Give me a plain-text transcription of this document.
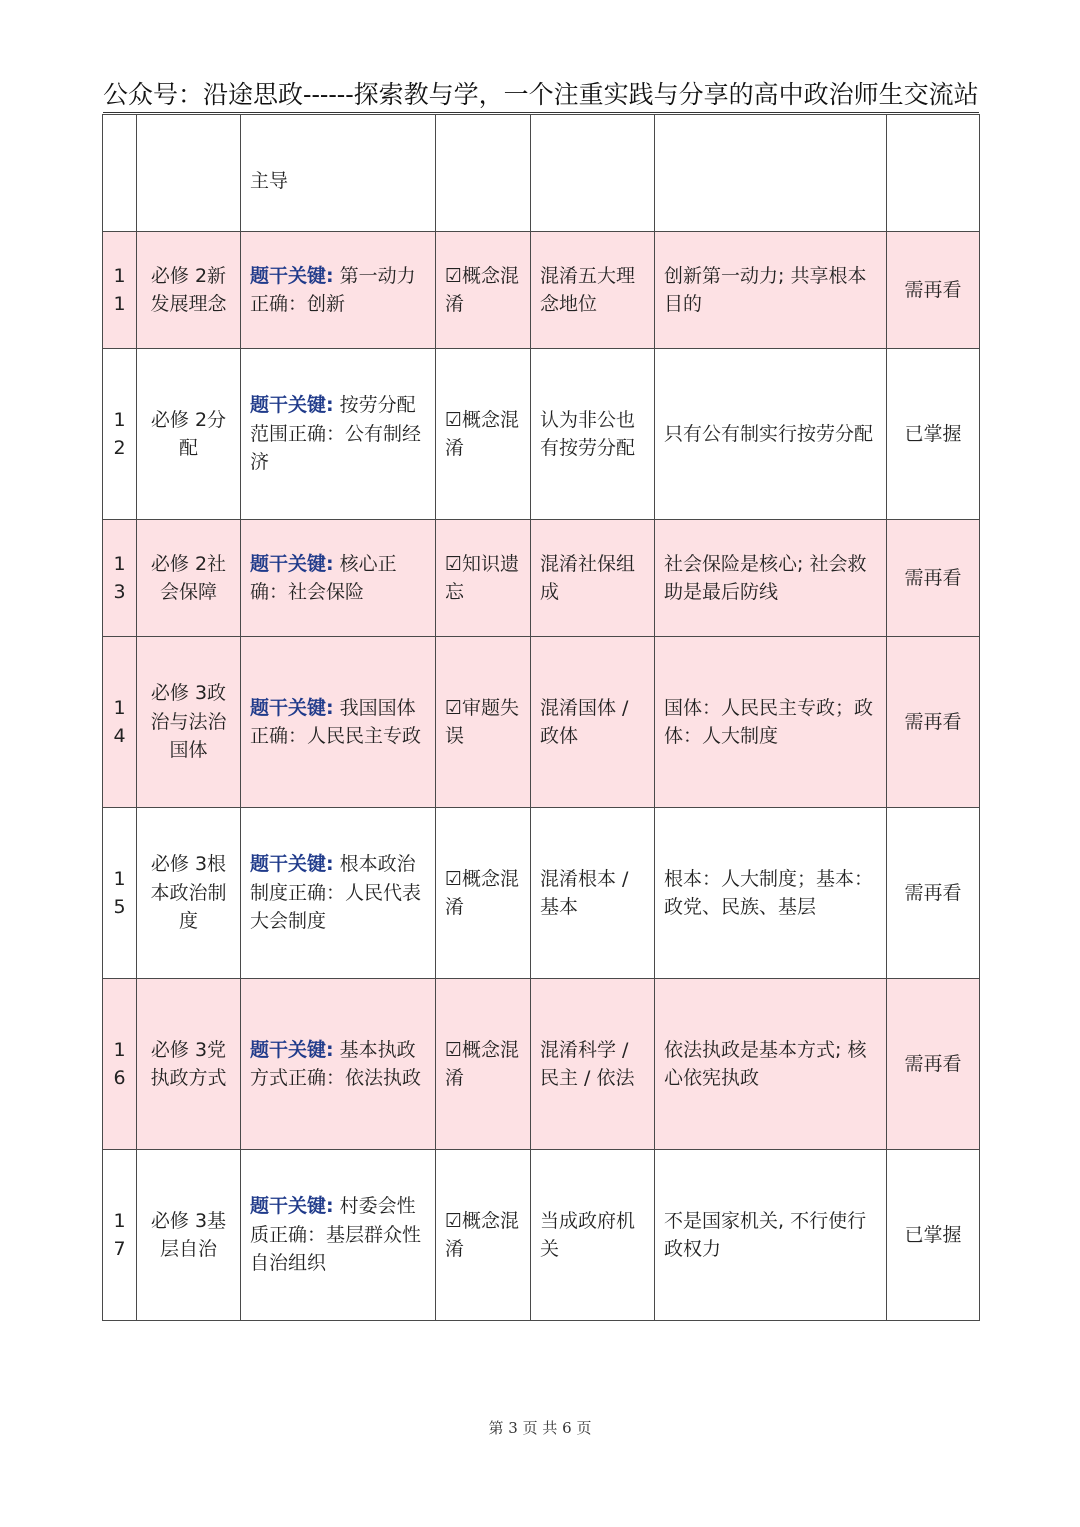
公众号：沿途思政------探索教与学，一个注重实践与分享的高中政治师生交流站
		主导				

11	必修 2新发展理念	题干关键: 第一动力正确：创新	☑概念混淆	混淆五大理念地位	创新第一动力; 共享根本目的	需再看

12	必修 2分配	题干关键: 按劳分配范围正确：公有制经济	☑概念混淆	认为非公也有按劳分配	只有公有制实行按劳分配	已掌握

13	必修 2社会保障	题干关键: 核心正确：社会保险	☑知识遗忘	混淆社保组成	社会保险是核心; 社会救助是最后防线	需再看

14	必修 3政治与法治国体	题干关键: 我国国体正确：人民民主专政	☑审题失误	混淆国体 / 政体	国体：人民民主专政；政体：人大制度	需再看

15	必修 3根本政治制度	题干关键: 根本政治制度正确：人民代表大会制度	☑概念混淆	混淆根本 / 基本	根本：人大制度；基本：政党、民族、基层	需再看

16	必修 3党执政方式	题干关键: 基本执政方式正确：依法执政	☑概念混淆	混淆科学 / 民主 / 依法	依法执政是基本方式; 核心依宪执政	需再看

17	必修 3基层自治	题干关键: 村委会性质正确：基层群众性自治组织	☑概念混淆	当成政府机关	不是国家机关, 不行使行政权力	已掌握
第 3 页 共 6 页
